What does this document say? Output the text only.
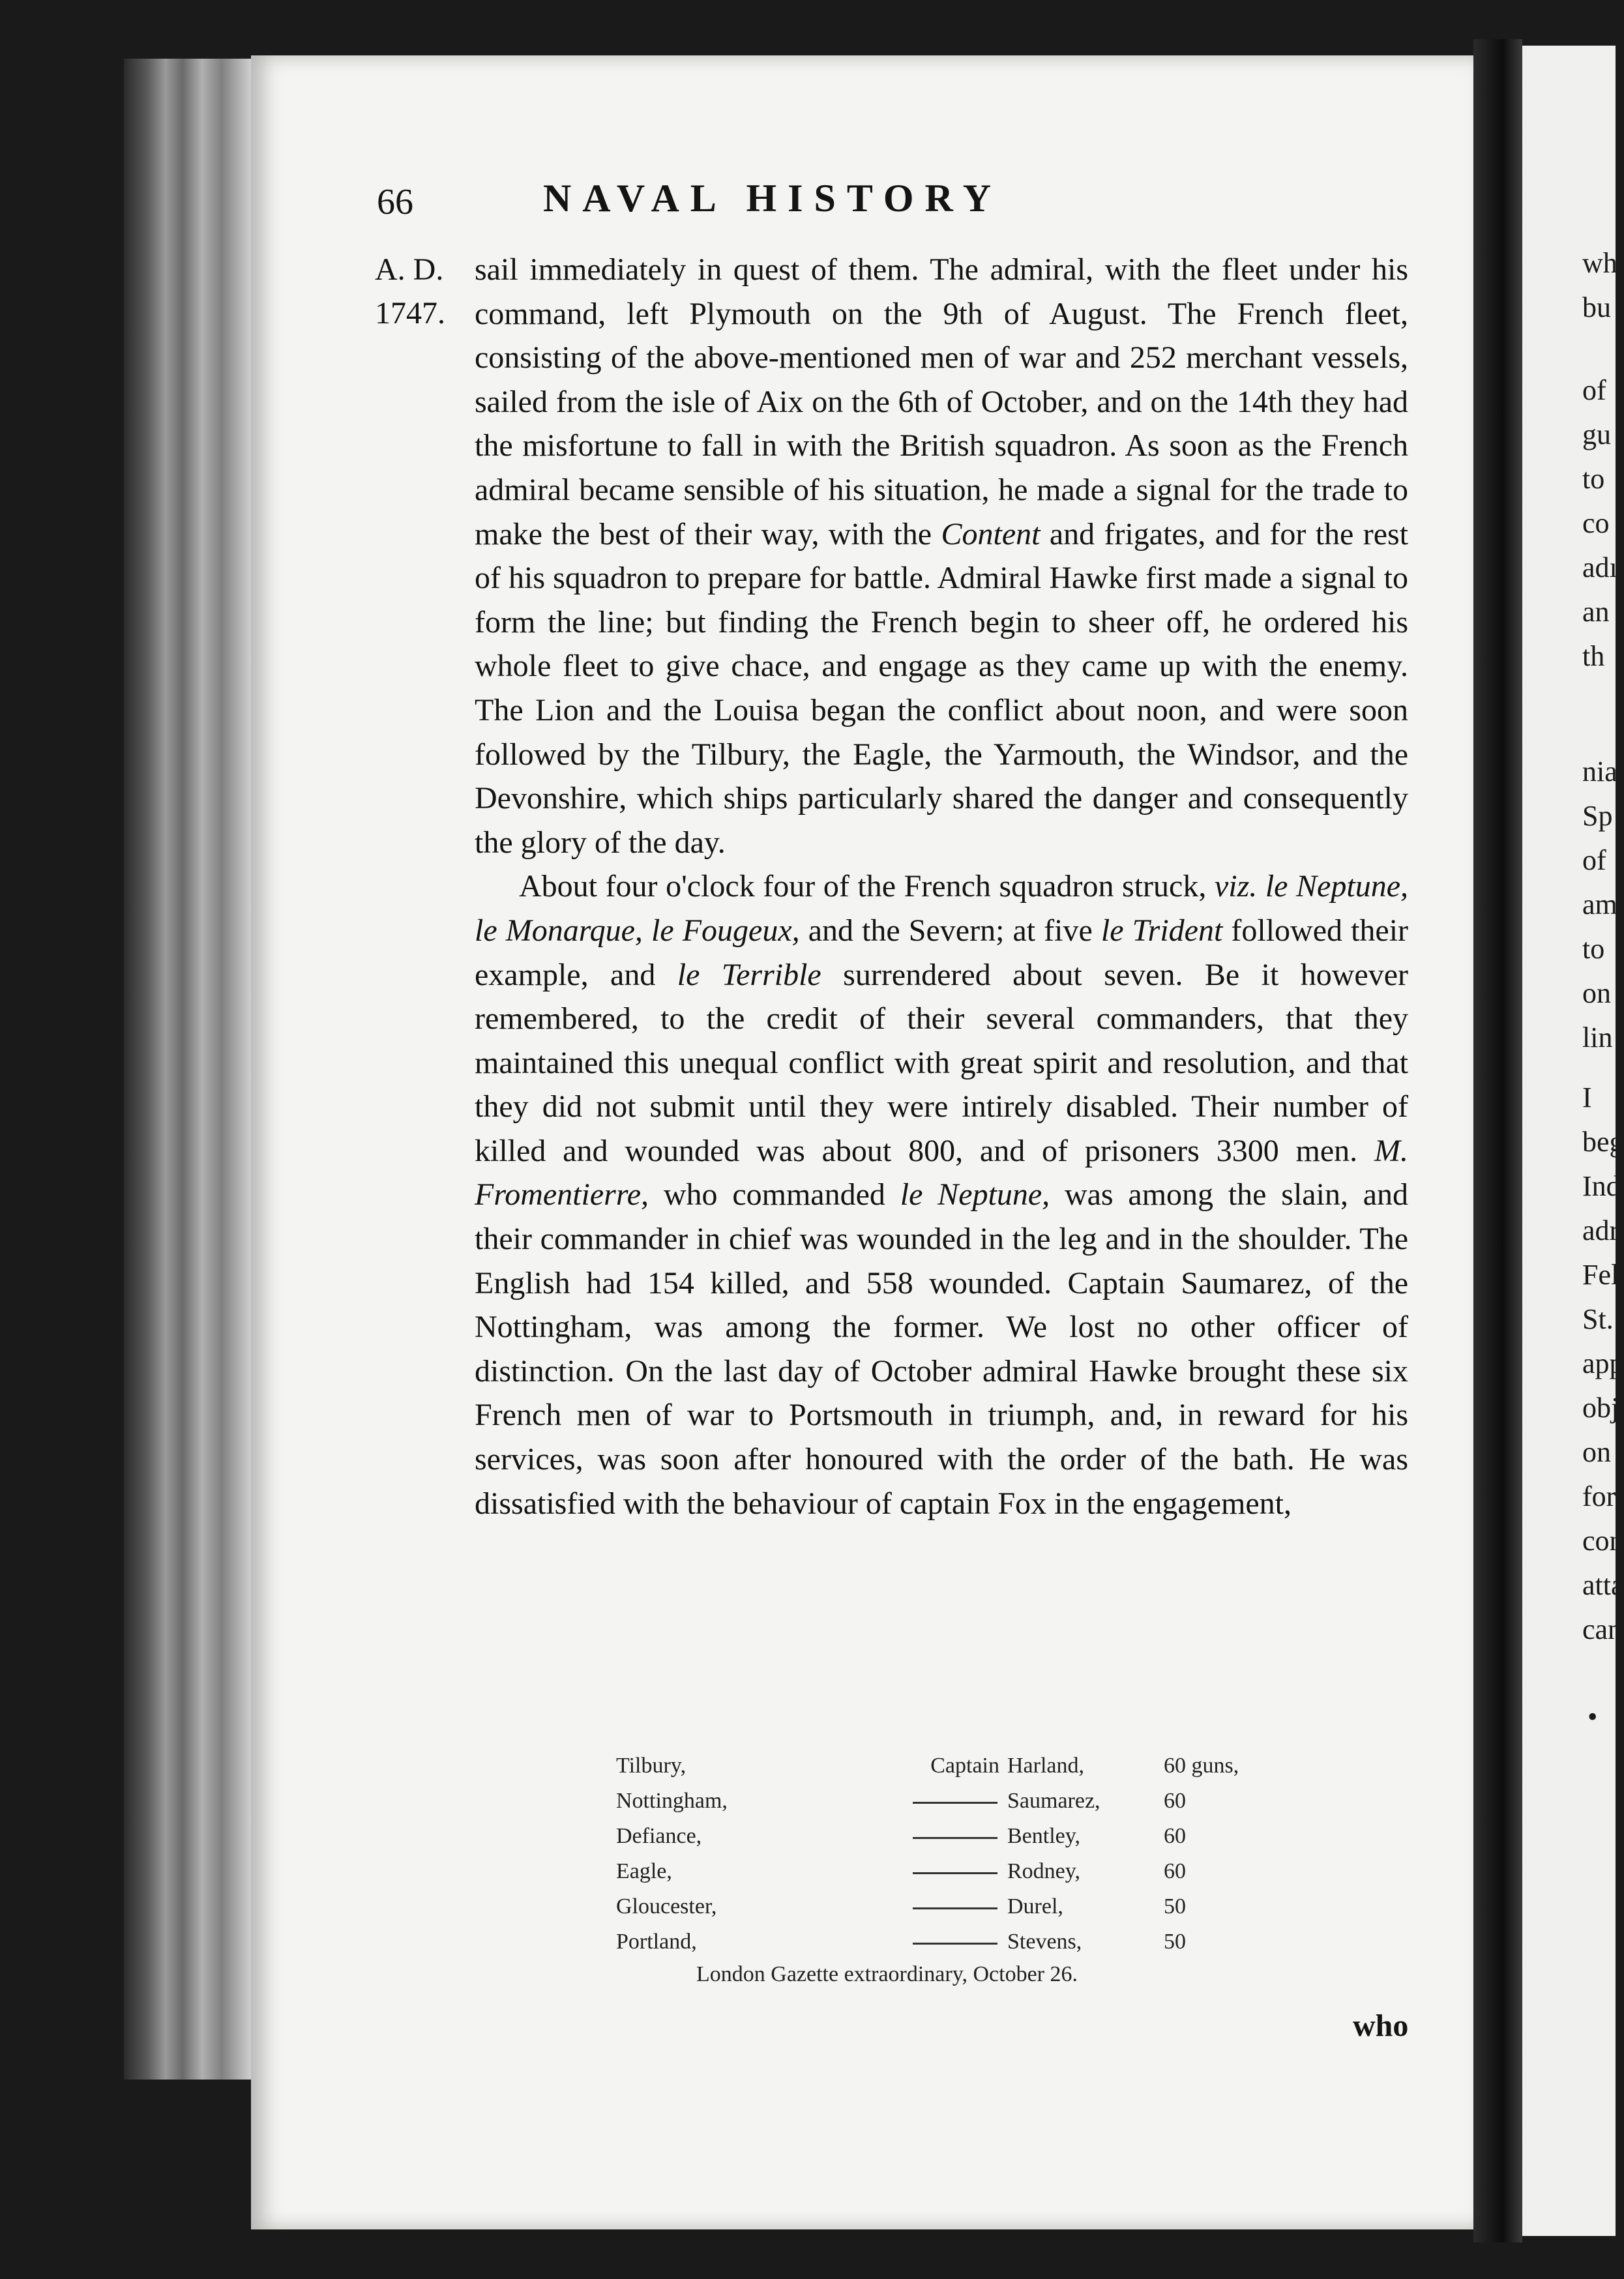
wh
bu
of
gu
to
co
adı
an
th
nia
Sp
of
am
to
on
lin
I
beg
Ind
adr
Fel
St.
app
obj
on
fort
con
atta
can
•
66	NAVAL HISTORY
A. D.
1747.

sail immediately in quest of them. The admiral, with the fleet under his command, left Plymouth on the 9th of August. The French fleet, consisting of the above-mentioned men of war and 252 merchant vessels, sailed from the isle of Aix on the 6th of October, and on the 14th they had the misfortune to fall in with the British squadron. As soon as the French admiral became sensible of his situation, he made a signal for the trade to make the best of their way, with the Content and frigates, and for the rest of his squadron to prepare for battle. Admiral Hawke first made a signal to form the line; but finding the French begin to sheer off, he ordered his whole fleet to give chace, and engage as they came up with the enemy. The Lion and the Louisa began the conflict about noon, and were soon followed by the Tilbury, the Eagle, the Yarmouth, the Windsor, and the Devonshire, which ships particularly shared the danger and consequently the glory of the day.

About four o'clock four of the French squadron struck, viz. le Neptune, le Monarque, le Fougeux, and the Severn; at five le Trident followed their example, and le Terrible surrendered about seven. Be it however remembered, to the credit of their several commanders, that they maintained this unequal conflict with great spirit and resolution, and that they did not submit until they were intirely disabled. Their number of killed and wounded was about 800, and of prisoners 3300 men. M. Fromentierre, who commanded le Neptune, was among the slain, and their commander in chief was wounded in the leg and in the shoulder. The English had 154 killed, and 558 wounded. Captain Saumarez, of the Nottingham, was among the former. We lost no other officer of distinction. On the last day of October admiral Hawke brought these six French men of war to Portsmouth in triumph, and, in reward for his services, was soon after honoured with the order of the bath. He was dissatisfied with the behaviour of captain Fox in the engagement,

Tilbury,	Captain Harland,	60 guns,
Nottingham,	Saumarez,	60
Defiance,	Bentley,	60
Eagle,	Rodney,	60
Gloucester,	Durel,	50
Portland,	Stevens,	50
London Gazette extraordinary, October 26.
who
